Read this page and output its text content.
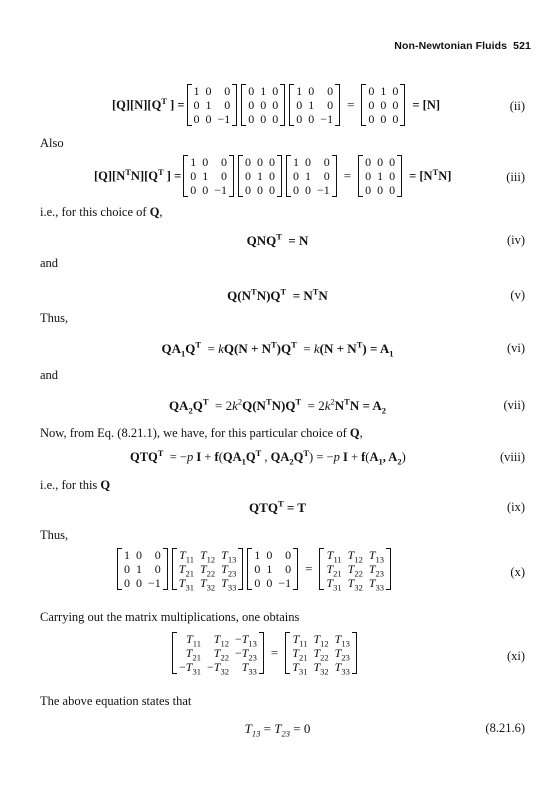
Non-Newtonian Fluids 521
$[Q][N][Q^T$ ] =
1	0	0
0	1	0
0	0	−1
0	1	0
0	0	0
0	0	0
1	0	0
0	1	0
0	0	−1
=
0	1	0
0	0	0
0	0	0
= [N]	(ii)
Also
$[Q][N^TN][Q^T$ ] =
1	0	0
0	1	0
0	0	−1
0	0	0
0	1	0
0	0	0
1	0	0
0	1	0
0	0	−1
=
0	0	0
0	1	0
0	0	0
= $[N^TN]$	(iii)
i.e., for this choice of Q,
$QNQ^T = N$	(iv)
and
$Q(N^TN)Q^T = N^TN$	(v)
Thus,
$QA_1Q^T = kQ(N + N^T)Q^T = k(N + N^T) = A_1$	(vi)
and
$QA_2Q^T = 2k^2Q(N^TN)Q^T = 2k^2N^TN = A_2$	(vii)
Now, from Eq. (8.21.1), we have, for this particular choice of Q,
$QTQ^T = -p$ $I + f(QA_1Q^T$ , $QA_2Q^T) = -p$ $I + f(A_1$, $A_2$)	(viii)
i.e., for this Q
$QTQ^T = T$	(ix)
Thus,
1	0	0
0	1	0
0	0	−1
$T_{11}$	$T_{12}$	$T_{13}$
$T_{21}$	$T_{22}$	$T_{23}$
$T_{31}$	$T_{32}$	$T_{33}$
1	0	0
0	1	0
0	0	−1
=
$T_{11}$	$T_{12}$	$T_{13}$
$T_{21}$	$T_{22}$	$T_{23}$
$T_{31}$	$T_{32}$	$T_{33}$
(x)
Carrying out the matrix multiplications, one obtains
$T_{11}$	$T_{12}$	$-T_{13}$
$T_{21}$	$T_{22}$	$-T_{23}$
$-T_{31}$	$-T_{32}$	$T_{33}$
=
$T_{11}$	$T_{12}$	$T_{13}$
$T_{21}$	$T_{22}$	$T_{23}$
$T_{31}$	$T_{32}$	$T_{33}$
(xi)
The above equation states that
$T_{13} = T_{23} = 0$	(8.21.6)
